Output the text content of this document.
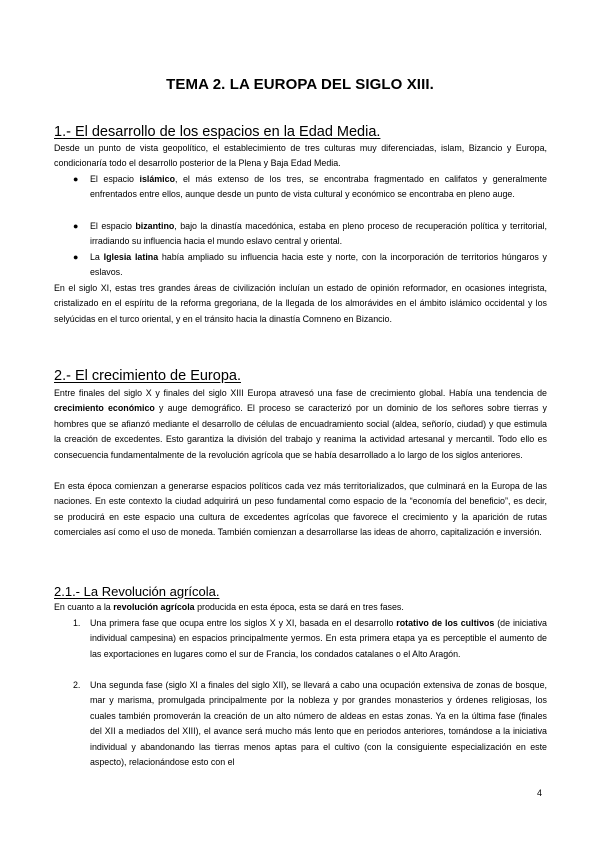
TEMA 2. LA EUROPA DEL SIGLO XIII.
1.- El desarrollo de los espacios en la Edad Media.

Desde un punto de vista geopolítico, el establecimiento de tres culturas muy diferenciadas, islam, Bizancio y Europa, condicionaría todo el desarrollo posterior de la Plena y Baja Edad Media.

● El espacio islámico, el más extenso de los tres, se encontraba fragmentado en califatos y generalmente enfrentados entre ellos, aunque desde un punto de vista cultural y económico se encontraba en pleno auge.

● El espacio bizantino, bajo la dinastía macedónica, estaba en pleno proceso de recuperación política y territorial, irradiando su influencia hacia el mundo eslavo central y oriental.

● La Iglesia latina había ampliado su influencia hacia este y norte, con la incorporación de territorios húngaros y eslavos.

En el siglo XI, estas tres grandes áreas de civilización incluían un estado de opinión reformador, en ocasiones integrista, cristalizado en el espíritu de la reforma gregoriana, de la llegada de los almorávides en el ámbito islámico occidental y los selyúcidas en el turco oriental, y en el tránsito hacia la dinastía Comneno en Bizancio.

2.- El crecimiento de Europa.

Entre finales del siglo X y finales del siglo XIII Europa atravesó una fase de crecimiento global. Había una tendencia de crecimiento económico y auge demográfico. El proceso se caracterizó por un dominio de los señores sobre tierras y hombres que se afianzó mediante el desarrollo de células de encuadramiento social (aldea, señorío, ciudad) y que estimula la creación de excedentes. Esto garantiza la división del trabajo y reanima la actividad artesanal y mercantil. Todo ello es consecuencia fundamentalmente de la revolución agrícola que se había desarrollado a lo largo de los siglos anteriores.

En esta época comienzan a generarse espacios políticos cada vez más territorializados, que culminará en la Europa de las naciones. En este contexto la ciudad adquirirá un peso fundamental como espacio de la “economía del beneficio”, es decir, se producirá en este espacio una cultura de excedentes agrícolas que favorece el crecimiento y la aparición de rutas comerciales así como el uso de moneda. También comienzan a desarrollarse las ideas de ahorro, capitalización e inversión.

2.1.- La Revolución agrícola.

En cuanto a la revolución agrícola producida en esta época, esta se dará en tres fases.

1. Una primera fase que ocupa entre los siglos X y XI, basada en el desarrollo rotativo de los cultivos (de iniciativa individual campesina) en espacios principalmente yermos. En esta primera etapa ya es perceptible el aumento de las exportaciones en lugares como el sur de Francia, los condados catalanes o el Alto Aragón.

2. Una segunda fase (siglo XI a finales del siglo XII), se llevará a cabo una ocupación extensiva de zonas de bosque, mar y marisma, promulgada principalmente por la nobleza y por grandes monasterios y órdenes religiosas, los cuales también promoverán la creación de un alto número de aldeas en estas zonas. Ya en la última fase (finales del XII a mediados del XIII), el avance será mucho más lento que en periodos anteriores, tomándose a la iniciativa individual y abandonando las tierras menos aptas para el cultivo (con la consiguiente especialización en este aspecto), relacionándose esto con el

4
